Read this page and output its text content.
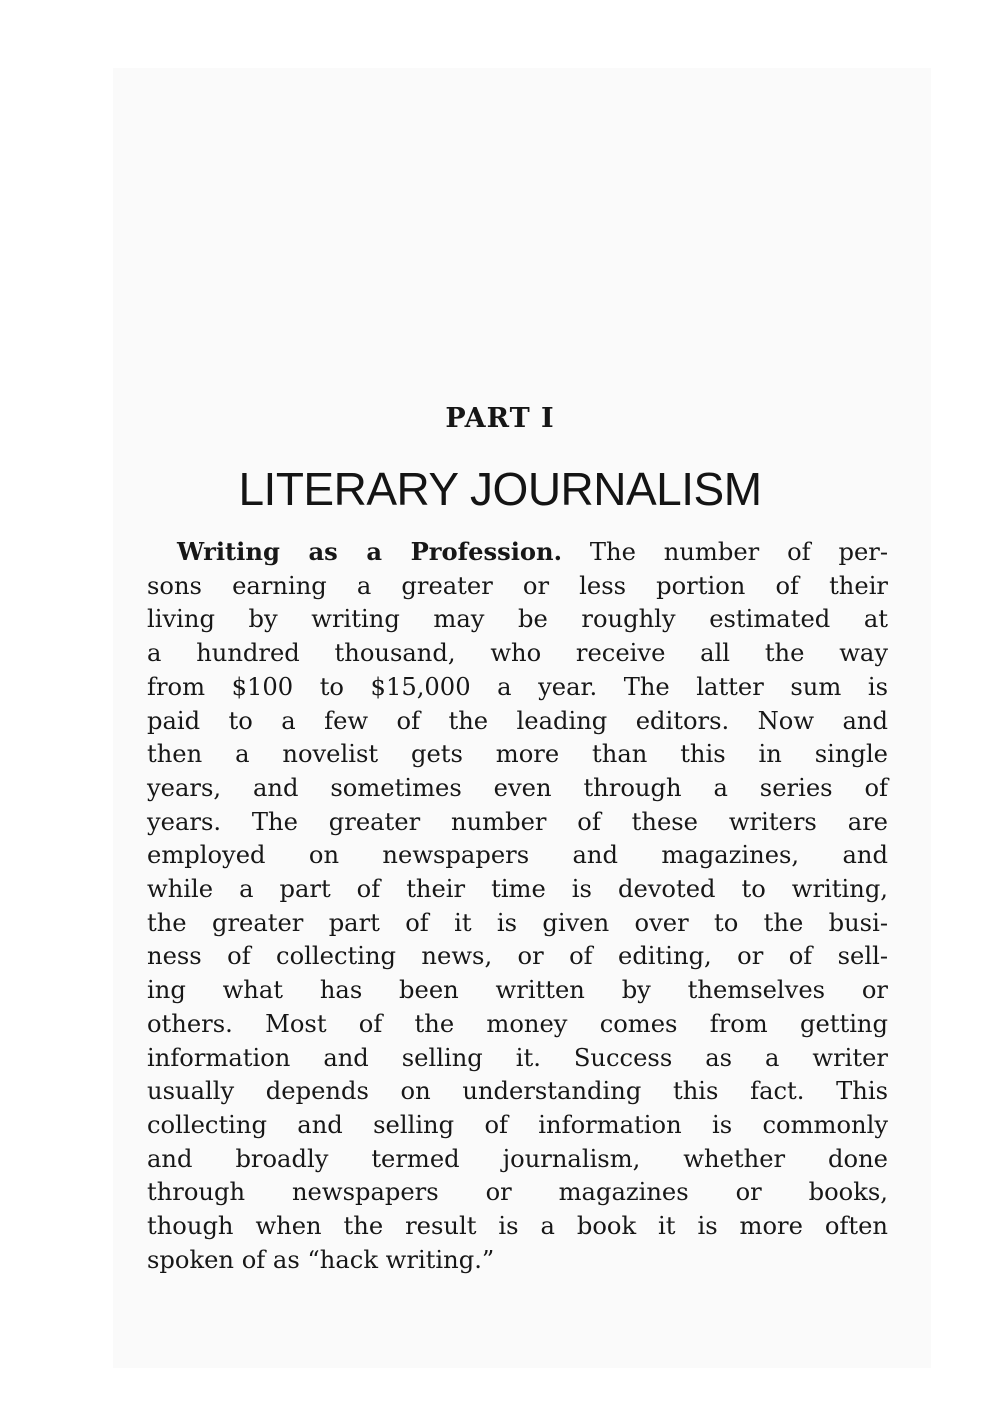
PART I
LITERARY JOURNALISM
Writing as a Profession. The number of per-
sons earning a greater or less portion of their
living by writing may be roughly estimated at
a hundred thousand, who receive all the way
from $100 to $15,000 a year. The latter sum is
paid to a few of the leading editors. Now and
then a novelist gets more than this in single
years, and sometimes even through a series of
years. The greater number of these writers are
employed on newspapers and magazines, and
while a part of their time is devoted to writing,
the greater part of it is given over to the busi-
ness of collecting news, or of editing, or of sell-
ing what has been written by themselves or
others. Most of the money comes from getting
information and selling it. Success as a writer
usually depends on understanding this fact. This
collecting and selling of information is commonly
and broadly termed journalism, whether done
through newspapers or magazines or books,
though when the result is a book it is more often
spoken of as “hack writing.”
